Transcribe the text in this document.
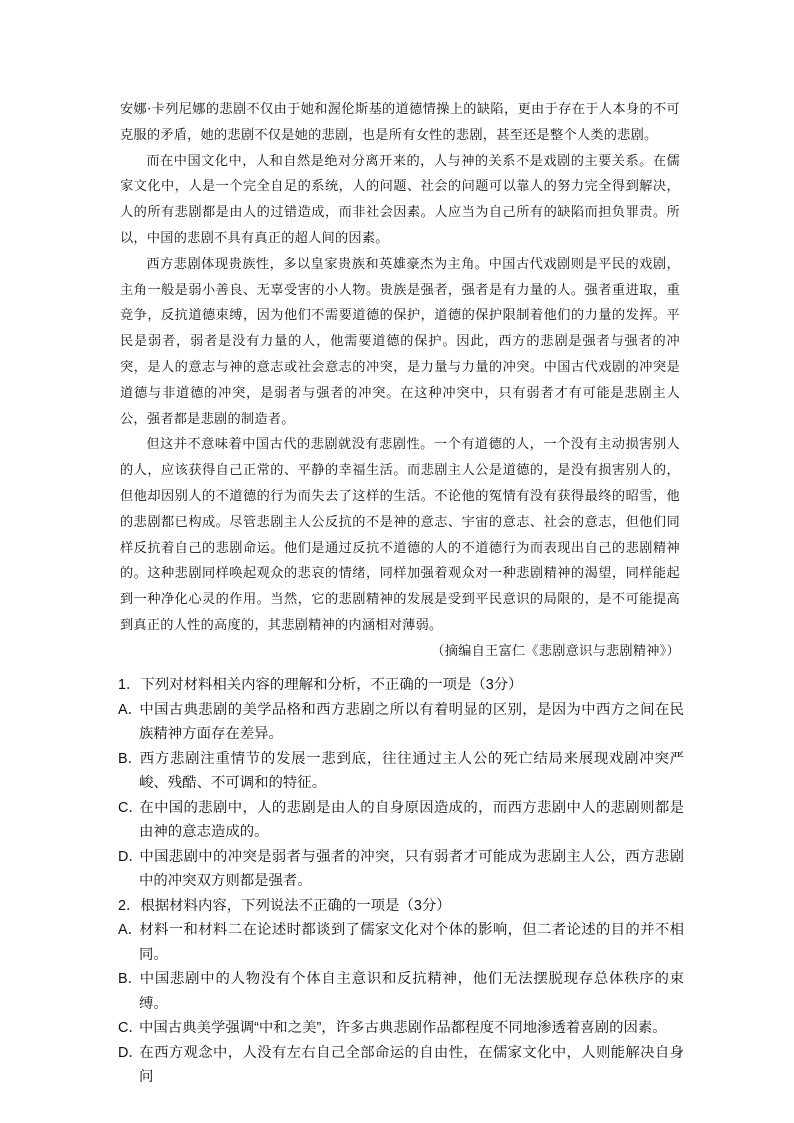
安娜·卡列尼娜的悲剧不仅由于她和渥伦斯基的道德情操上的缺陷，更由于存在于人本身的不可克服的矛盾，她的悲剧不仅是她的悲剧，也是所有女性的悲剧，甚至还是整个人类的悲剧。

而在中国文化中，人和自然是绝对分离开来的，人与神的关系不是戏剧的主要关系。在儒家文化中，人是一个完全自足的系统，人的问题、社会的问题可以靠人的努力完全得到解决，人的所有悲剧都是由人的过错造成，而非社会因素。人应当为自己所有的缺陷而担负罪责。所以，中国的悲剧不具有真正的超人间的因素。

西方悲剧体现贵族性，多以皇家贵族和英雄豪杰为主角。中国古代戏剧则是平民的戏剧，主角一般是弱小善良、无辜受害的小人物。贵族是强者，强者是有力量的人。强者重进取，重竞争，反抗道德束缚，因为他们不需要道德的保护，道德的保护限制着他们的力量的发挥。平民是弱者，弱者是没有力量的人，他需要道德的保护。因此，西方的悲剧是强者与强者的冲突，是人的意志与神的意志或社会意志的冲突，是力量与力量的冲突。中国古代戏剧的冲突是道德与非道德的冲突，是弱者与强者的冲突。在这种冲突中，只有弱者才有可能是悲剧主人公，强者都是悲剧的制造者。

但这并不意味着中国古代的悲剧就没有悲剧性。一个有道德的人，一个没有主动损害别人的人，应该获得自己正常的、平静的幸福生活。而悲剧主人公是道德的，是没有损害别人的，但他却因别人的不道德的行为而失去了这样的生活。不论他的冤情有没有获得最终的昭雪，他的悲剧都已构成。尽管悲剧主人公反抗的不是神的意志、宇宙的意志、社会的意志，但他们同样反抗着自己的悲剧命运。他们是通过反抗不道德的人的不道德行为而表现出自己的悲剧精神的。这种悲剧同样唤起观众的悲哀的情绪，同样加强着观众对一种悲剧精神的渴望，同样能起到一种净化心灵的作用。当然，它的悲剧精神的发展是受到平民意识的局限的，是不可能提高到真正的人性的高度的，其悲剧精神的内涵相对薄弱。

（摘编自王富仁《悲剧意识与悲剧精神》）

1．下列对材料相关内容的理解和分析，不正确的一项是（3分）

A．中国古典悲剧的美学品格和西方悲剧之所以有着明显的区别，是因为中西方之间在民族精神方面存在差异。

B．西方悲剧注重情节的发展一悲到底，往往通过主人公的死亡结局来展现戏剧冲突严峻、残酷、不可调和的特征。

C．在中国的悲剧中，人的悲剧是由人的自身原因造成的，而西方悲剧中人的悲剧则都是由神的意志造成的。

D．中国悲剧中的冲突是弱者与强者的冲突，只有弱者才可能成为悲剧主人公，西方悲剧中的冲突双方则都是强者。

2．根据材料内容，下列说法不正确的一项是（3分）

A．材料一和材料二在论述时都谈到了儒家文化对个体的影响，但二者论述的目的并不相同。

B．中国悲剧中的人物没有个体自主意识和反抗精神，他们无法摆脱现存总体秩序的束缚。

C．中国古典美学强调“中和之美”，许多古典悲剧作品都程度不同地渗透着喜剧的因素。

D．在西方观念中，人没有左右自己全部命运的自由性，在儒家文化中，人则能解决自身问
